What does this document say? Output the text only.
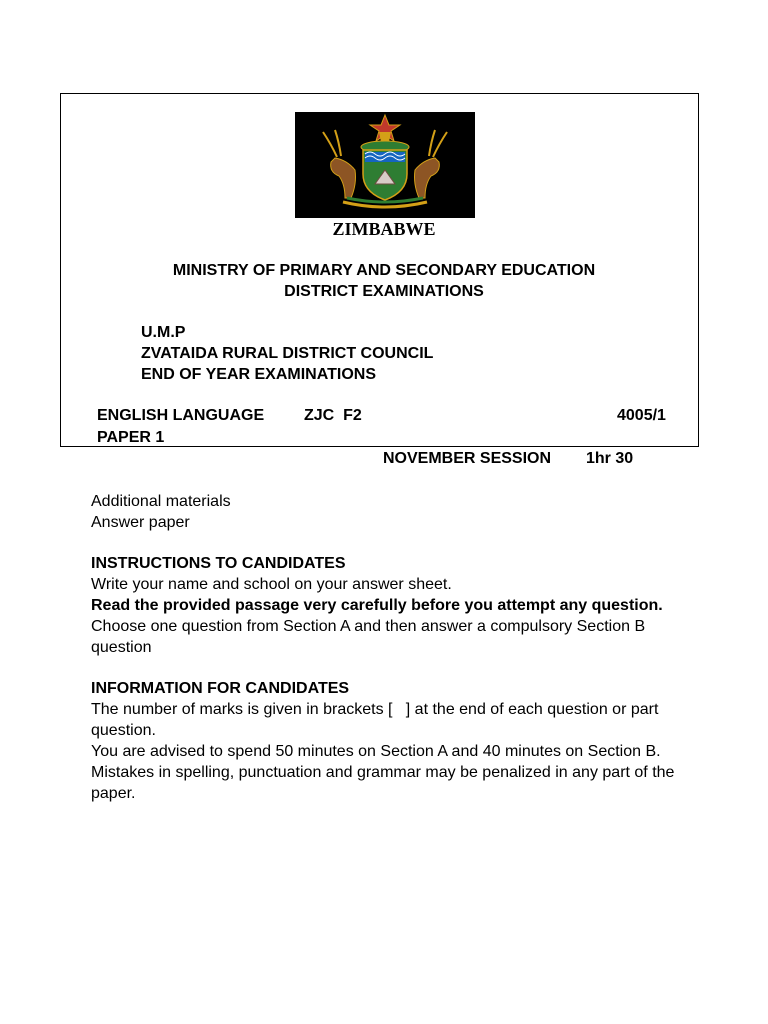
ZIMBABWE
MINISTRY OF PRIMARY AND SECONDARY EDUCATION
DISTRICT EXAMINATIONS
U.M.P
ZVATAIDA RURAL DISTRICT COUNCIL
END OF YEAR EXAMINATIONS
ENGLISH LANGUAGE ZJC  F2	4005/1
PAPER 1
NOVEMBER SESSION 1hr 30

Additional materials

Answer paper

INSTRUCTIONS TO CANDIDATES

Write your name and school on your answer sheet.

Read the provided passage very carefully before you attempt any question.

Choose one question from Section A and then answer a compulsory Section B question

INFORMATION FOR CANDIDATES

The number of marks is given in brackets [   ] at the end of each question or part question.

You are advised to spend 50 minutes on Section A and 40 minutes on Section B.

Mistakes in spelling, punctuation and grammar may be penalized in any part of the paper.
